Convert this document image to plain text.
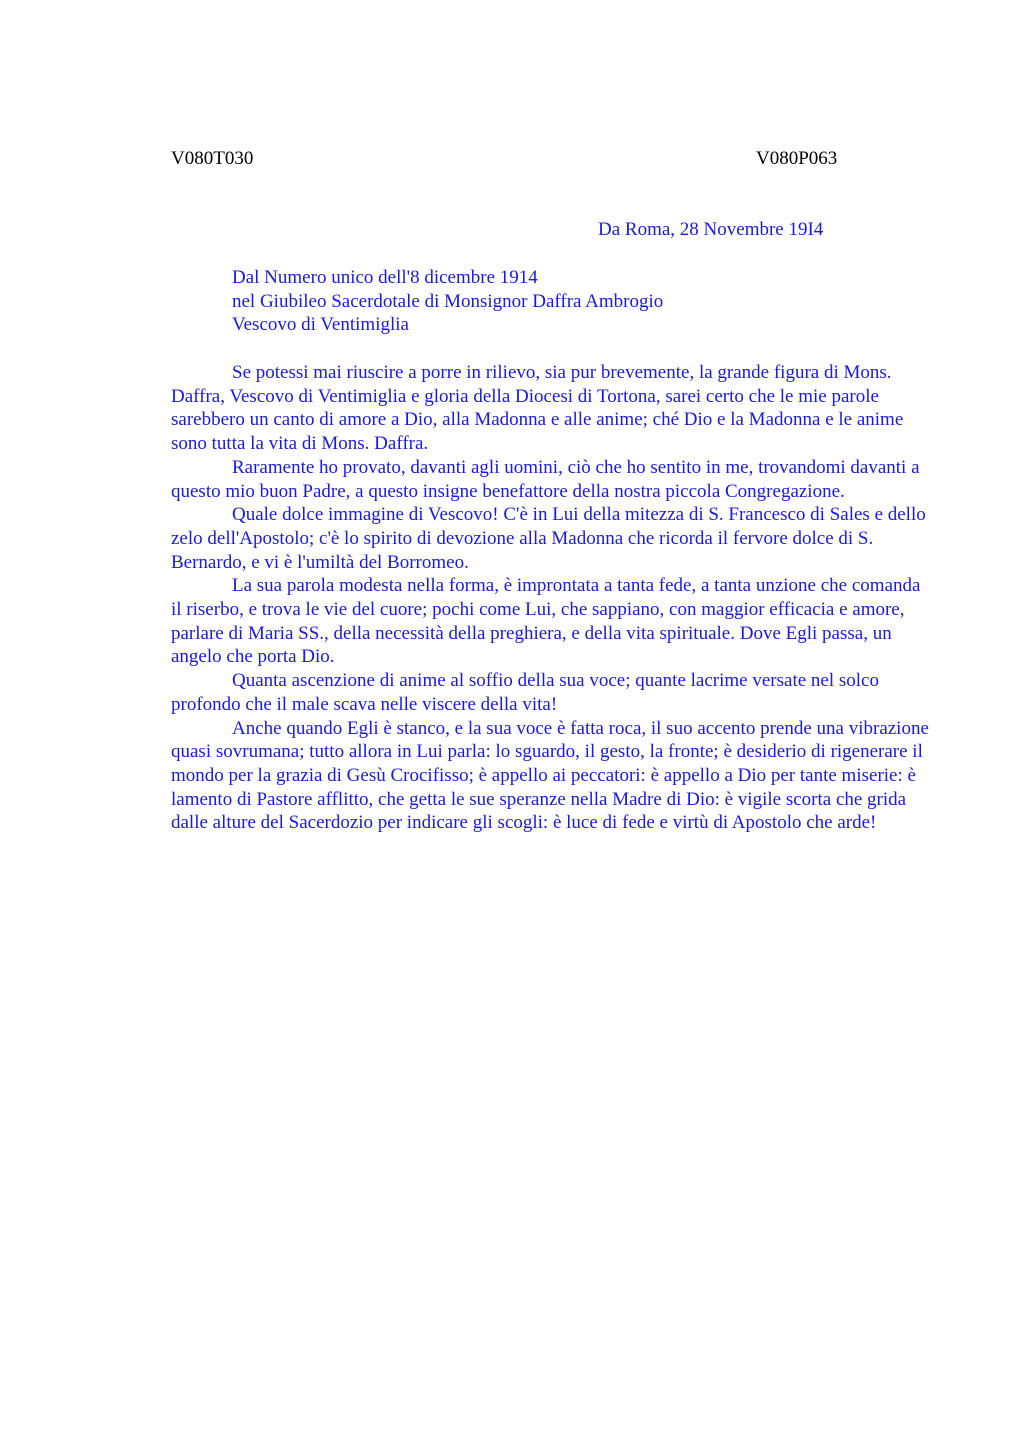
V080T030	V080P063

Da Roma, 28 Novembre 19I4

Dal Numero unico dell'8 dicembre 1914
nel Giubileo Sacerdotale di Monsignor Daffra Ambrogio
Vescovo di Ventimiglia

Se potessi mai riuscire a porre in rilievo, sia pur brevemente, la grande figura di Mons. Daffra, Vescovo di Ventimiglia e gloria della Diocesi di Tortona, sarei certo che le mie parole sarebbero un canto di amore a Dio, alla Madonna e alle anime; ché Dio e la Madonna e le anime sono tutta la vita di Mons. Daffra.

Raramente ho provato, davanti agli uomini, ciò che ho sentito in me, trovandomi davanti a questo mio buon Padre, a questo insigne benefattore della nostra piccola Congregazione.

Quale dolce immagine di Vescovo! C'è in Lui della mitezza di S. Francesco di Sales e dello zelo dell'Apostolo; c'è lo spirito di devozione alla Madonna che ricorda il fervore dolce di S. Bernardo, e vi è l'umiltà del Borromeo.

La sua parola modesta nella forma, è improntata a tanta fede, a tanta unzione che comanda il riserbo, e trova le vie del cuore; pochi come Lui, che sappiano, con maggior efficacia e amore, parlare di Maria SS., della necessità della preghiera, e della vita spirituale. Dove Egli passa, un angelo che porta Dio.

Quanta ascenzione di anime al soffio della sua voce; quante lacrime versate nel solco profondo che il male scava nelle viscere della vita!

Anche quando Egli è stanco, e la sua voce è fatta roca, il suo accento prende una vibrazione quasi sovrumana; tutto allora in Lui parla: lo sguardo, il gesto, la fronte; è desiderio di rigenerare il mondo per la grazia di Gesù Crocifisso; è appello ai peccatori: è appello a Dio per tante miserie: è lamento di Pastore afflitto, che getta le sue speranze nella Madre di Dio: è vigile scorta che grida dalle alture del Sacerdozio per indicare gli scogli: è luce di fede e virtù di Apostolo che arde!
